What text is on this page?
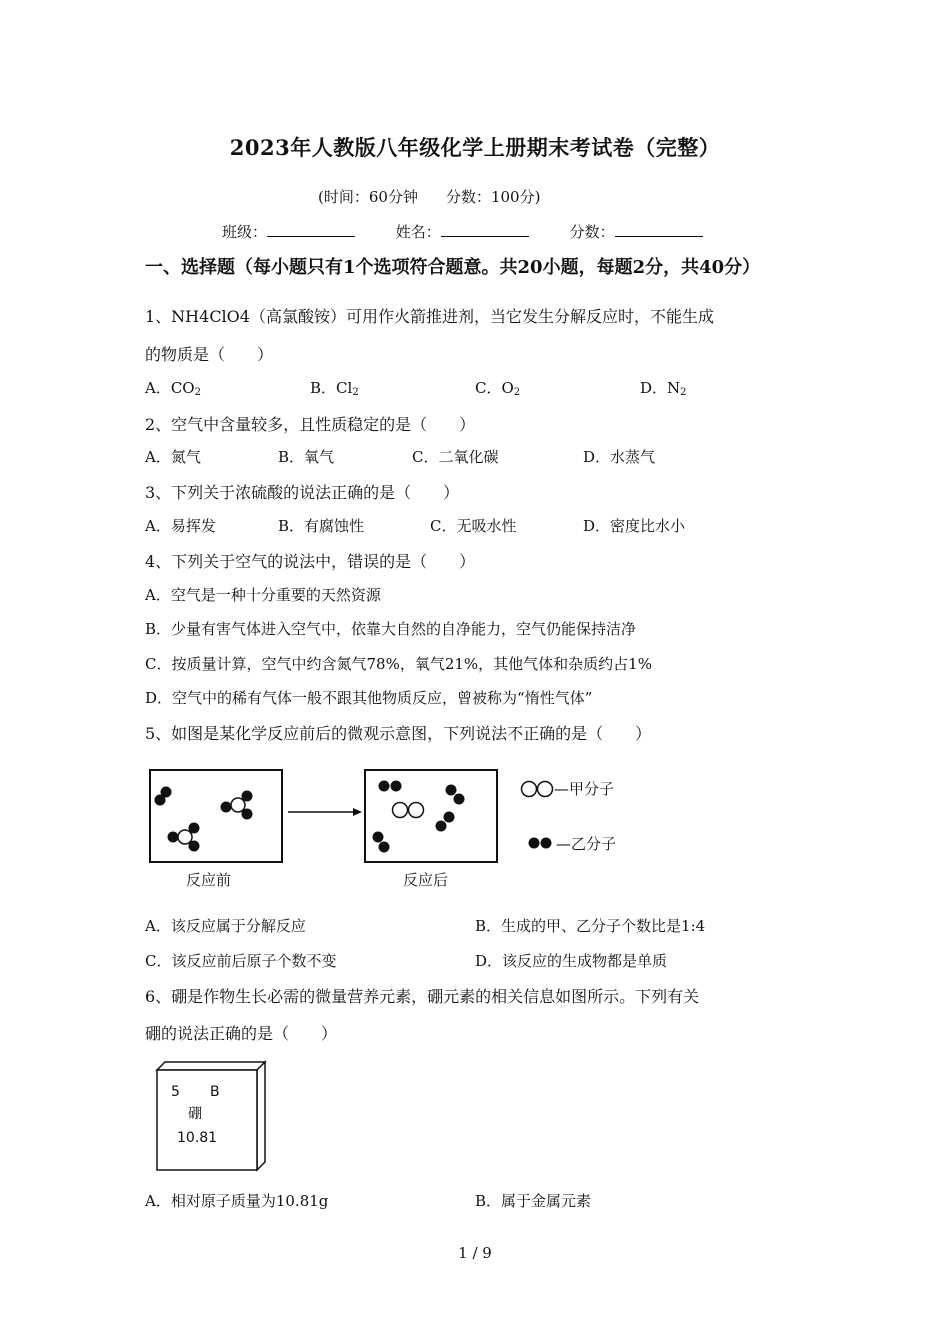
2023年人教版八年级化学上册期末考试卷（完整）
(时间：60分钟 分数：100分)
班级：	姓名：	分数：
一、选择题（每小题只有1个选项符合题意。共20小题，每题2分，共40分）
1、NH4ClO4（高氯酸铵）可用作火箭推进剂，当它发生分解反应时，不能生成
的物质是（　　）
A．$CO_2$	B．$Cl_2$	C．$O_2$	D．$N_2$
2、空气中含量较多，且性质稳定的是（　　）
A．氮气	B．氧气	C．二氧化碳	D．水蒸气
3、下列关于浓硫酸的说法正确的是（　　）
A．易挥发	B．有腐蚀性	C．无吸水性	D．密度比水小
4、下列关于空气的说法中，错误的是（　　）
A．空气是一种十分重要的天然资源
B．少量有害气体进入空气中，依靠大自然的自净能力，空气仍能保持洁净
C．按质量计算，空气中约含氮气78%，氧气21%，其他气体和杂质约占1%
D．空气中的稀有气体一般不跟其他物质反应，曾被称为“惰性气体”
5、如图是某化学反应前后的微观示意图，下列说法不正确的是（　　）
反应前	反应后
—甲分子
—乙分子
A．该反应属于分解反应	B．生成的甲、乙分子个数比是1:4
C．该反应前后原子个数不变	D．该反应的生成物都是单质
6、硼是作物生长必需的微量营养元素，硼元素的相关信息如图所示。下列有关
硼的说法正确的是（　　）
5 B
硼
10.81
A．相对原子质量为10.81g	B．属于金属元素
1 / 9
